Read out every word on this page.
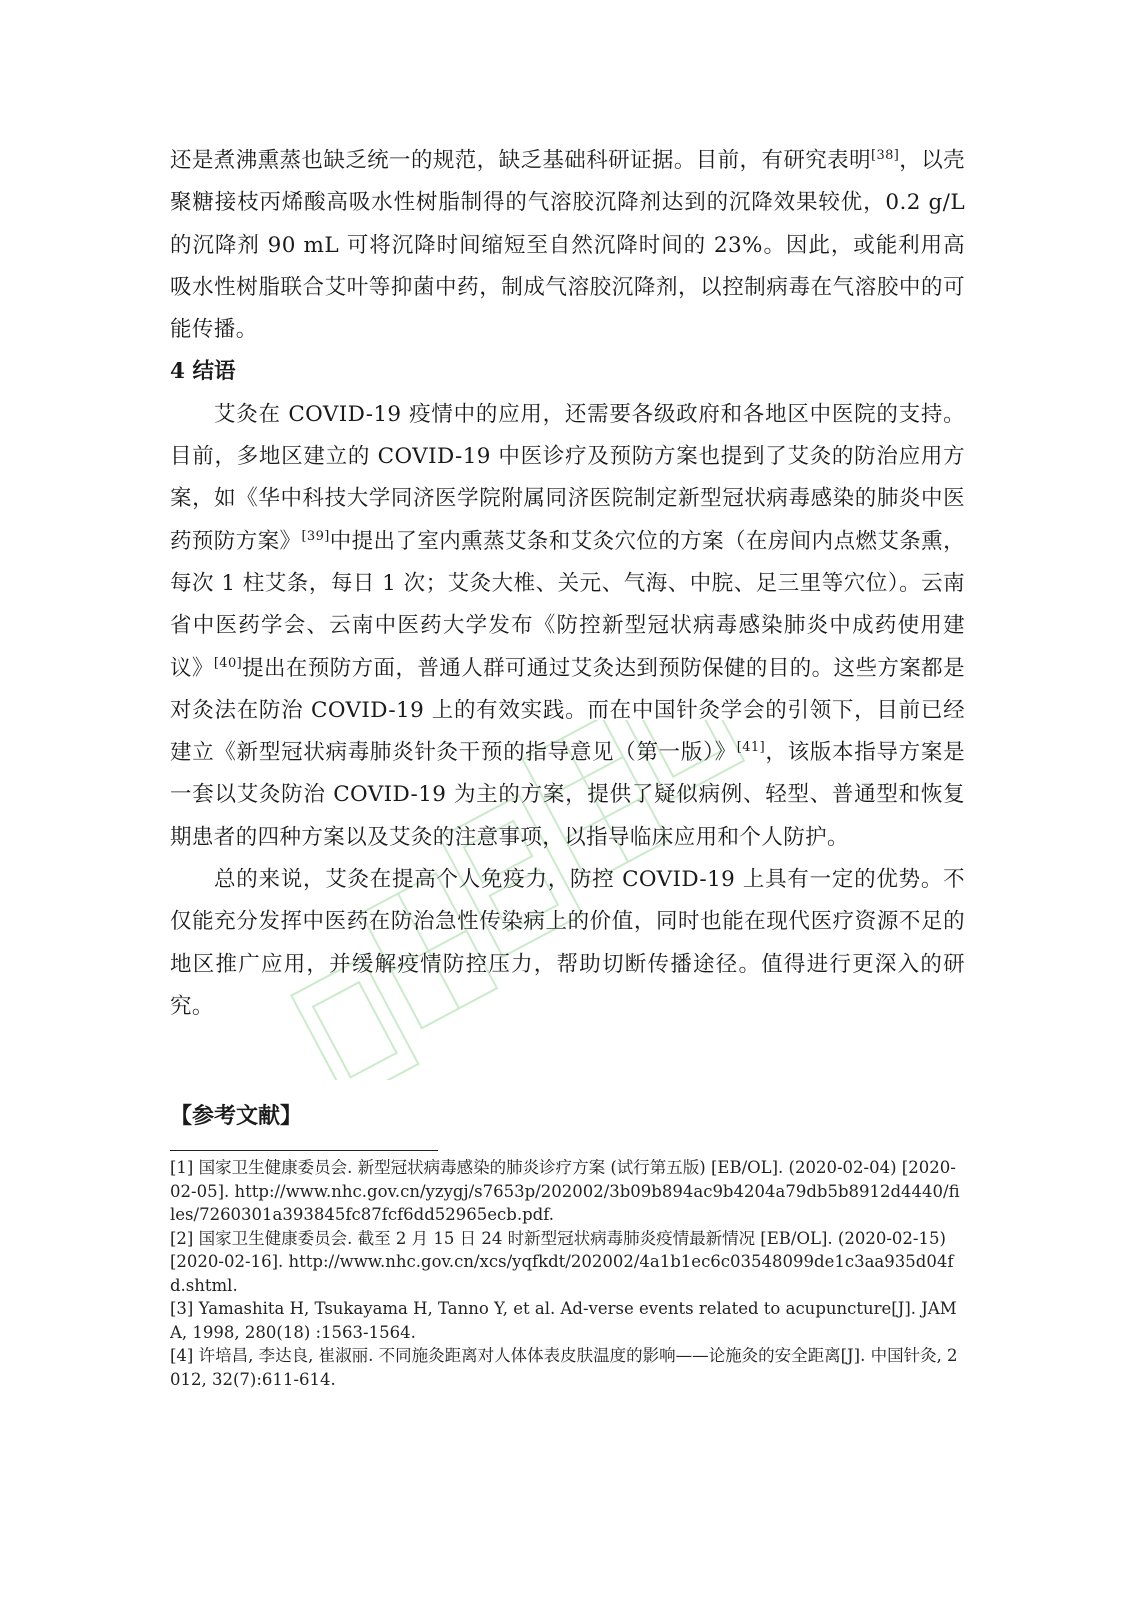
还是煮沸熏蒸也缺乏统一的规范，缺乏基础科研证据。目前，有研究表明[38]，以壳聚糖接枝丙烯酸高吸水性树脂制得的气溶胶沉降剂达到的沉降效果较优，0.2 g/L 的沉降剂 90 mL 可将沉降时间缩短至自然沉降时间的 23%。因此，或能利用高吸水性树脂联合艾叶等抑菌中药，制成气溶胶沉降剂，以控制病毒在气溶胶中的可能传播。

4 结语

艾灸在 COVID-19 疫情中的应用，还需要各级政府和各地区中医院的支持。目前，多地区建立的 COVID-19 中医诊疗及预防方案也提到了艾灸的防治应用方案，如《华中科技大学同济医学院附属同济医院制定新型冠状病毒感染的肺炎中医药预防方案》[39]中提出了室内熏蒸艾条和艾灸穴位的方案（在房间内点燃艾条熏，每次 1 柱艾条，每日 1 次；艾灸大椎、关元、气海、中脘、足三里等穴位）。云南省中医药学会、云南中医药大学发布《防控新型冠状病毒感染肺炎中成药使用建议》[40]提出在预防方面，普通人群可通过艾灸达到预防保健的目的。这些方案都是对灸法在防治 COVID-19 上的有效实践。而在中国针灸学会的引领下，目前已经建立《新型冠状病毒肺炎针灸干预的指导意见（第一版）》[41]，该版本指导方案是一套以艾灸防治 COVID-19 为主的方案，提供了疑似病例、轻型、普通型和恢复期患者的四种方案以及艾灸的注意事项，以指导临床应用和个人防护。

总的来说，艾灸在提高个人免疫力，防控 COVID-19 上具有一定的优势。不仅能充分发挥中医药在防治急性传染病上的价值，同时也能在现代医疗资源不足的地区推广应用，并缓解疫情防控压力，帮助切断传播途径。值得进行更深入的研究。

【参考文献】

[1] 国家卫生健康委员会. 新型冠状病毒感染的肺炎诊疗方案 (试行第五版) [EB/OL]. (2020-02-04) [2020-02-05]. http://www.nhc.gov.cn/yzygj/s7653p/202002/3b09b894ac9b4204a79db5b8912d4440/files/7260301a393845fc87fcf6dd52965ecb.pdf.
[2] 国家卫生健康委员会. 截至 2 月 15 日 24 时新型冠状病毒肺炎疫情最新情况 [EB/OL]. (2020-02-15) [2020-02-16]. http://www.nhc.gov.cn/xcs/yqfkdt/202002/4a1b1ec6c03548099de1c3aa935d04fd.shtml.
[3] Yamashita H, Tsukayama H, Tanno Y, et al. Ad-verse events related to acupuncture[J]. JAMA, 1998, 280(18) :1563-1564.
[4] 许培昌, 李达良, 崔淑丽. 不同施灸距离对人体体表皮肤温度的影响——论施灸的安全距离[J]. 中国针灸, 2012, 32(7):611-614.
